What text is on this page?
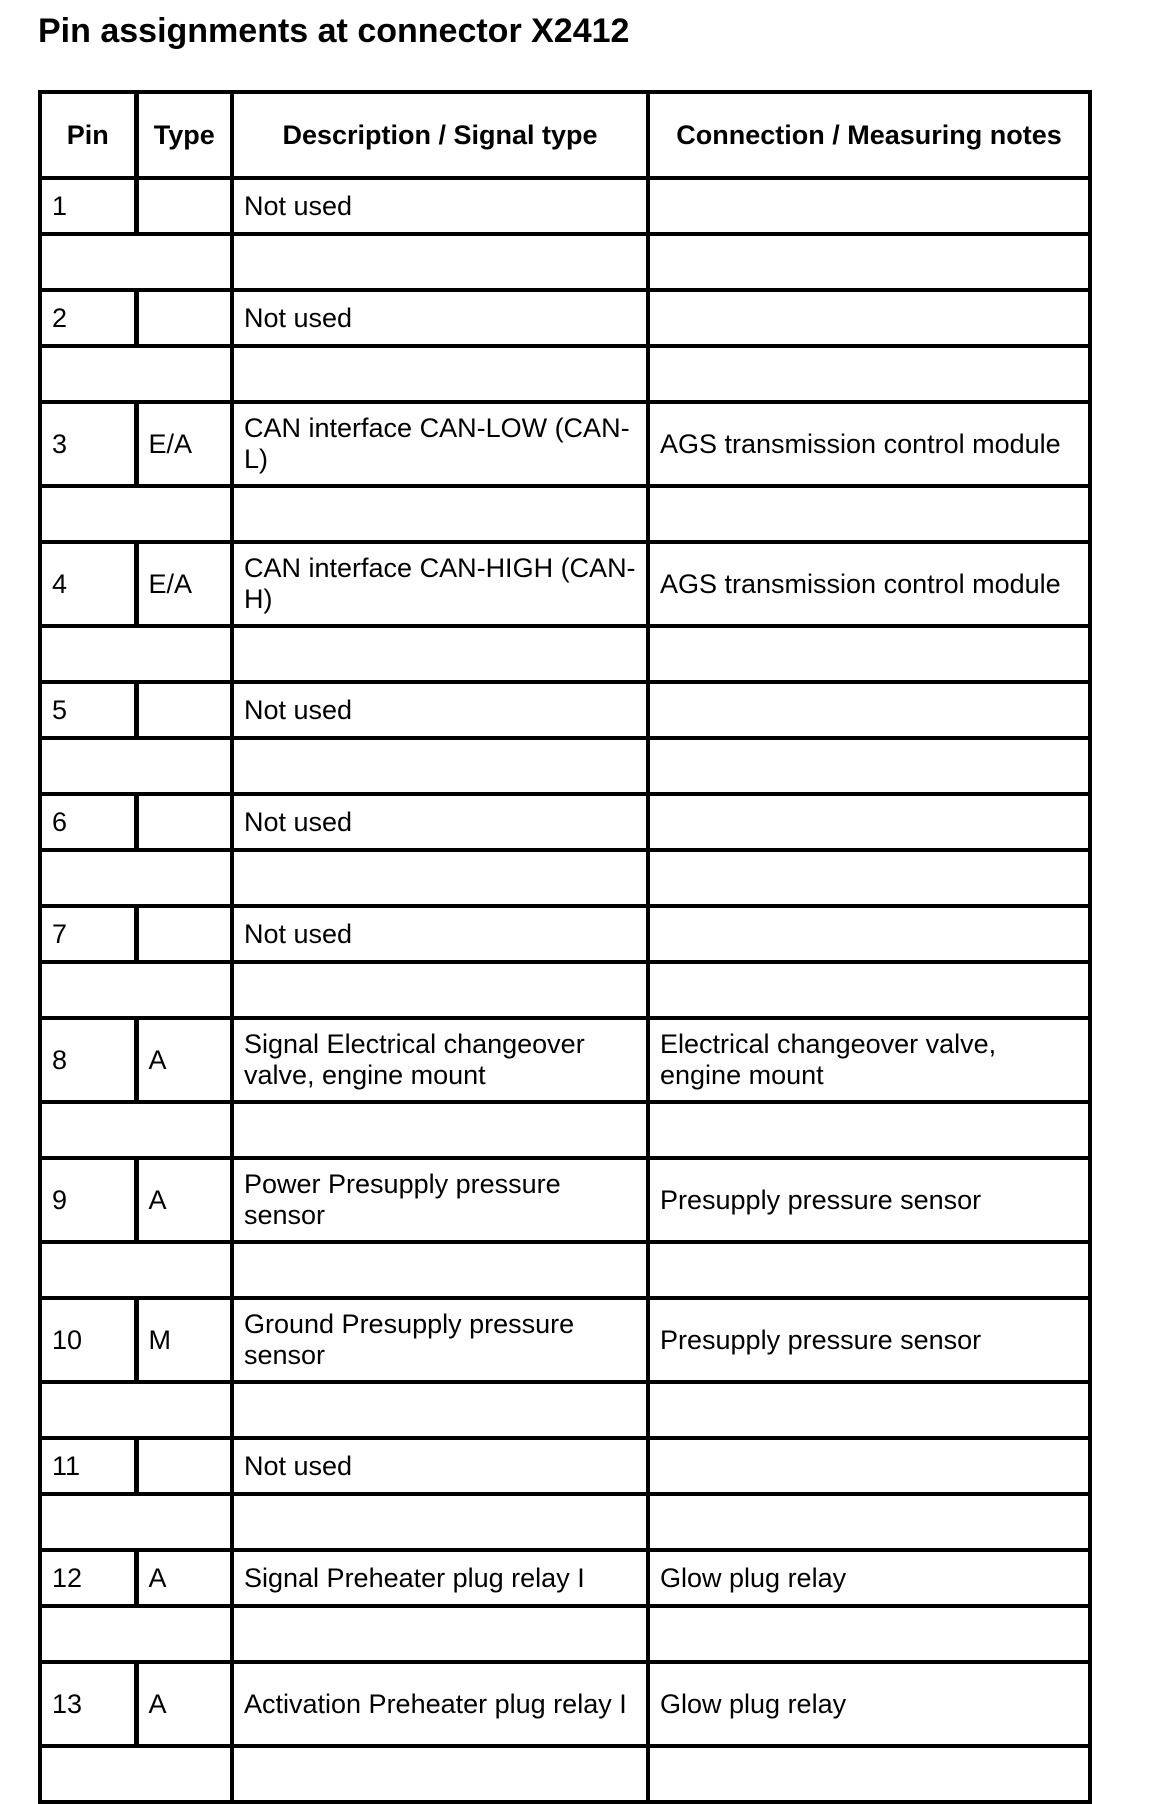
Pin assignments at connector X2412
Pin	Type	Description / Signal type	Connection / Measuring notes
1		Not used	

2		Not used	

3	E/A	CAN interface CAN-LOW (CAN-L)	AGS transmission control module

4	E/A	CAN interface CAN-HIGH (CAN-H)	AGS transmission control module

5		Not used	

6		Not used	

7		Not used	

8	A	Signal Electrical changeover valve, engine mount	Electrical changeover valve, engine mount

9	A	Power Presupply pressure sensor	Presupply pressure sensor

10	M	Ground Presupply pressure sensor	Presupply pressure sensor

11		Not used	

12	A	Signal Preheater plug relay I	Glow plug relay

13	A	Activation Preheater plug relay I	Glow plug relay
